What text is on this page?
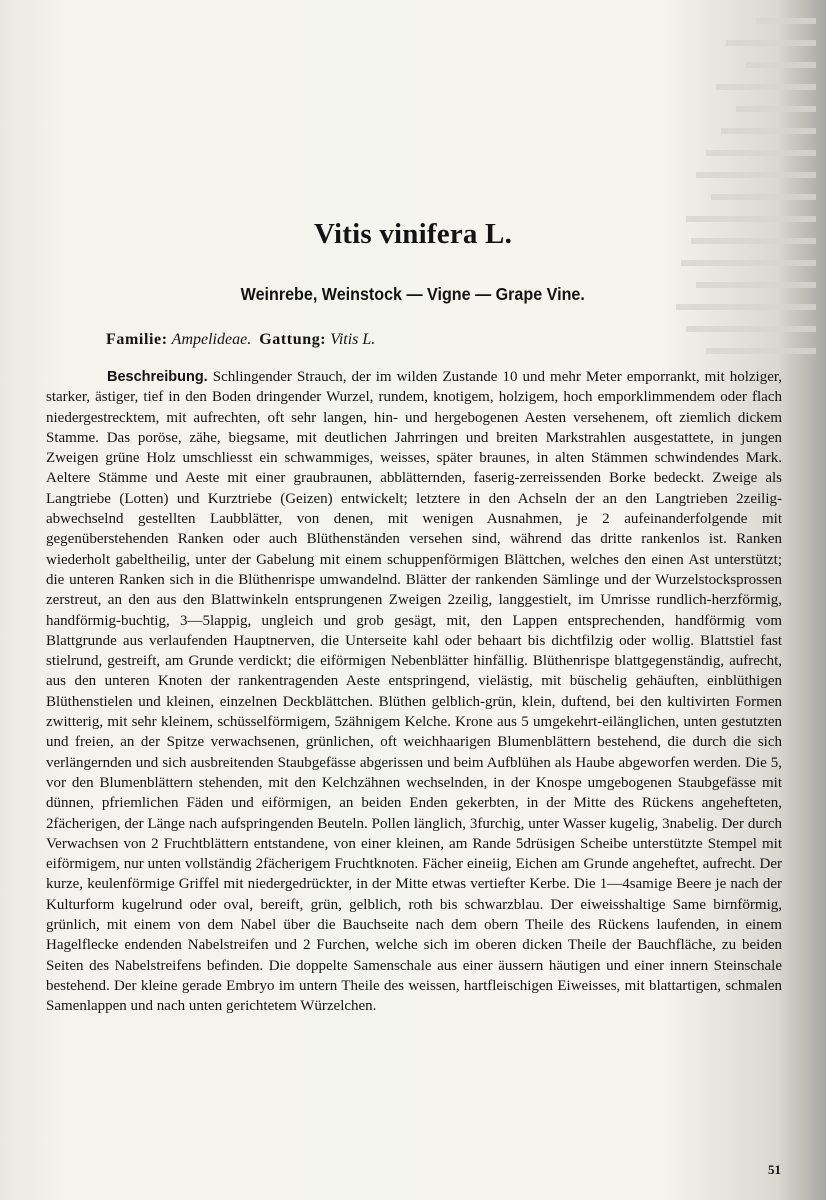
Vitis vinifera L.
Weinrebe, Weinstock — Vigne — Grape Vine.
Familie: Ampelideae. Gattung: Vitis L.

Beschreibung. Schlingender Strauch, der im wilden Zustande 10 und mehr Meter emporrankt, mit holziger, starker, ästiger, tief in den Boden dringender Wurzel, rundem, knotigem, holzigem, hoch emporklimmendem oder flach niedergestrecktem, mit aufrechten, oft sehr langen, hin- und hergebogenen Aesten versehenem, oft ziemlich dickem Stamme. Das poröse, zähe, biegsame, mit deutlichen Jahrringen und breiten Markstrahlen ausgestattete, in jungen Zweigen grüne Holz umschliesst ein schwammiges, weisses, später braunes, in alten Stämmen schwindendes Mark. Aeltere Stämme und Aeste mit einer graubraunen, abblätternden, faserig-zerreissenden Borke bedeckt. Zweige als Langtriebe (Lotten) und Kurztriebe (Geizen) entwickelt; letztere in den Achseln der an den Langtrieben 2zeilig-abwechselnd gestellten Laubblätter, von denen, mit wenigen Ausnahmen, je 2 aufeinanderfolgende mit gegenüberstehenden Ranken oder auch Blüthenständen versehen sind, während das dritte rankenlos ist. Ranken wiederholt gabeltheilig, unter der Gabelung mit einem schuppenförmigen Blättchen, welches den einen Ast unterstützt; die unteren Ranken sich in die Blüthenrispe umwandelnd. Blätter der rankenden Sämlinge und der Wurzelstocksprossen zerstreut, an den aus den Blattwinkeln entsprungenen Zweigen 2zeilig, langgestielt, im Umrisse rundlich-herzförmig, handförmig-buchtig, 3—5lappig, ungleich und grob gesägt, mit, den Lappen entsprechenden, handförmig vom Blattgrunde aus verlaufenden Hauptnerven, die Unterseite kahl oder behaart bis dichtfilzig oder wollig. Blattstiel fast stielrund, gestreift, am Grunde verdickt; die eiförmigen Nebenblätter hinfällig. Blüthenrispe blattgegenständig, aufrecht, aus den unteren Knoten der rankentragenden Aeste entspringend, vielästig, mit büschelig gehäuften, einblüthigen Blüthenstielen und kleinen, einzelnen Deckblättchen. Blüthen gelblich-grün, klein, duftend, bei den kultivirten Formen zwitterig, mit sehr kleinem, schüsselförmigem, 5zähnigem Kelche. Krone aus 5 umgekehrt-eilänglichen, unten gestutzten und freien, an der Spitze verwachsenen, grünlichen, oft weichhaarigen Blumenblättern bestehend, die durch die sich verlängernden und sich ausbreitenden Staubgefässe abgerissen und beim Aufblühen als Haube abgeworfen werden. Die 5, vor den Blumenblättern stehenden, mit den Kelchzähnen wechselnden, in der Knospe umgebogenen Staubgefässe mit dünnen, pfriemlichen Fäden und eiförmigen, an beiden Enden gekerbten, in der Mitte des Rückens angehefteten, 2fächerigen, der Länge nach aufspringenden Beuteln. Pollen länglich, 3furchig, unter Wasser kugelig, 3nabelig. Der durch Verwachsen von 2 Fruchtblättern entstandene, von einer kleinen, am Rande 5drüsigen Scheibe unterstützte Stempel mit eiförmigem, nur unten vollständig 2fächerigem Fruchtknoten. Fächer eineiig, Eichen am Grunde angeheftet, aufrecht. Der kurze, keulenförmige Griffel mit niedergedrückter, in der Mitte etwas vertiefter Kerbe. Die 1—4samige Beere je nach der Kulturform kugelrund oder oval, bereift, grün, gelblich, roth bis schwarzblau. Der eiweisshaltige Same birnförmig, grünlich, mit einem von dem Nabel über die Bauchseite nach dem obern Theile des Rückens laufenden, in einem Hagelflecke endenden Nabelstreifen und 2 Furchen, welche sich im oberen dicken Theile der Bauchfläche, zu beiden Seiten des Nabelstreifens befinden. Die doppelte Samenschale aus einer äussern häutigen und einer innern Steinschale bestehend. Der kleine gerade Embryo im untern Theile des weissen, hartfleischigen Eiweisses, mit blattartigen, schmalen Samenlappen und nach unten gerichtetem Würzelchen.

51
